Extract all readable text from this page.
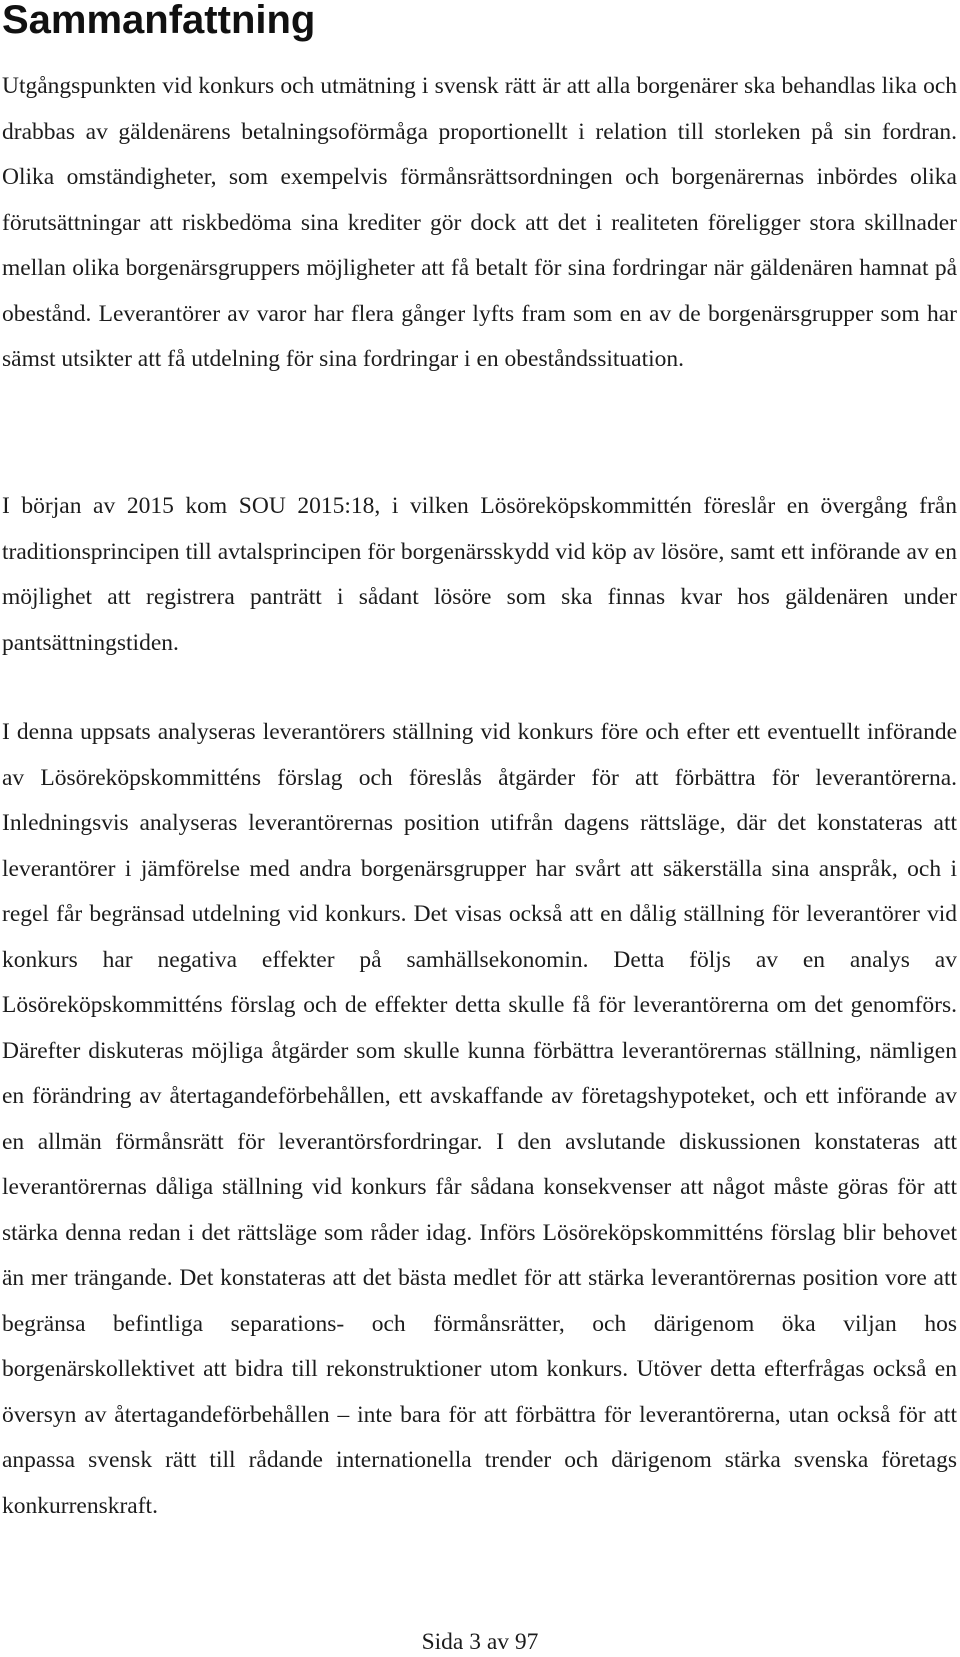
Sammanfattning

Utgångspunkten vid konkurs och utmätning i svensk rätt är att alla borgenärer ska behandlas lika och drabbas av gäldenärens betalningsoförmåga proportionellt i relation till storleken på sin fordran. Olika omständigheter, som exempelvis förmånsrättsordningen och borgenärernas inbördes olika förutsättningar att riskbedöma sina krediter gör dock att det i realiteten föreligger stora skillnader mellan olika borgenärsgruppers möjligheter att få betalt för sina fordringar när gäldenären hamnat på obestånd. Leverantörer av varor har flera gånger lyfts fram som en av de borgenärsgrupper som har sämst utsikter att få utdelning för sina fordringar i en obeståndssituation.

I början av 2015 kom SOU 2015:18, i vilken Lösöreköpskommittén föreslår en övergång från traditionsprincipen till avtalsprincipen för borgenärsskydd vid köp av lösöre, samt ett införande av en möjlighet att registrera panträtt i sådant lösöre som ska finnas kvar hos gäldenären under pantsättningstiden.

I denna uppsats analyseras leverantörers ställning vid konkurs före och efter ett eventuellt införande av Lösöreköpskommitténs förslag och föreslås åtgärder för att förbättra för leverantörerna. Inledningsvis analyseras leverantörernas position utifrån dagens rättsläge, där det konstateras att leverantörer i jämförelse med andra borgenärsgrupper har svårt att säkerställa sina anspråk, och i regel får begränsad utdelning vid konkurs. Det visas också att en dålig ställning för leverantörer vid konkurs har negativa effekter på samhällsekonomin. Detta följs av en analys av Lösöreköpskommitténs förslag och de effekter detta skulle få för leverantörerna om det genomförs. Därefter diskuteras möjliga åtgärder som skulle kunna förbättra leverantörernas ställning, nämligen en förändring av återtagandeförbehållen, ett avskaffande av företagshypoteket, och ett införande av en allmän förmånsrätt för leverantörsfordringar. I den avslutande diskussionen konstateras att leverantörernas dåliga ställning vid konkurs får sådana konsekvenser att något måste göras för att stärka denna redan i det rättsläge som råder idag. Införs Lösöreköpskommitténs förslag blir behovet än mer trängande. Det konstateras att det bästa medlet för att stärka leverantörernas position vore att begränsa befintliga separations- och förmånsrätter, och därigenom öka viljan hos borgenärskollektivet att bidra till rekonstruktioner utom konkurs. Utöver detta efterfrågas också en översyn av återtagandeförbehållen – inte bara för att förbättra för leverantörerna, utan också för att anpassa svensk rätt till rådande internationella trender och därigenom stärka svenska företags konkurrenskraft.

Sida 3 av 97
